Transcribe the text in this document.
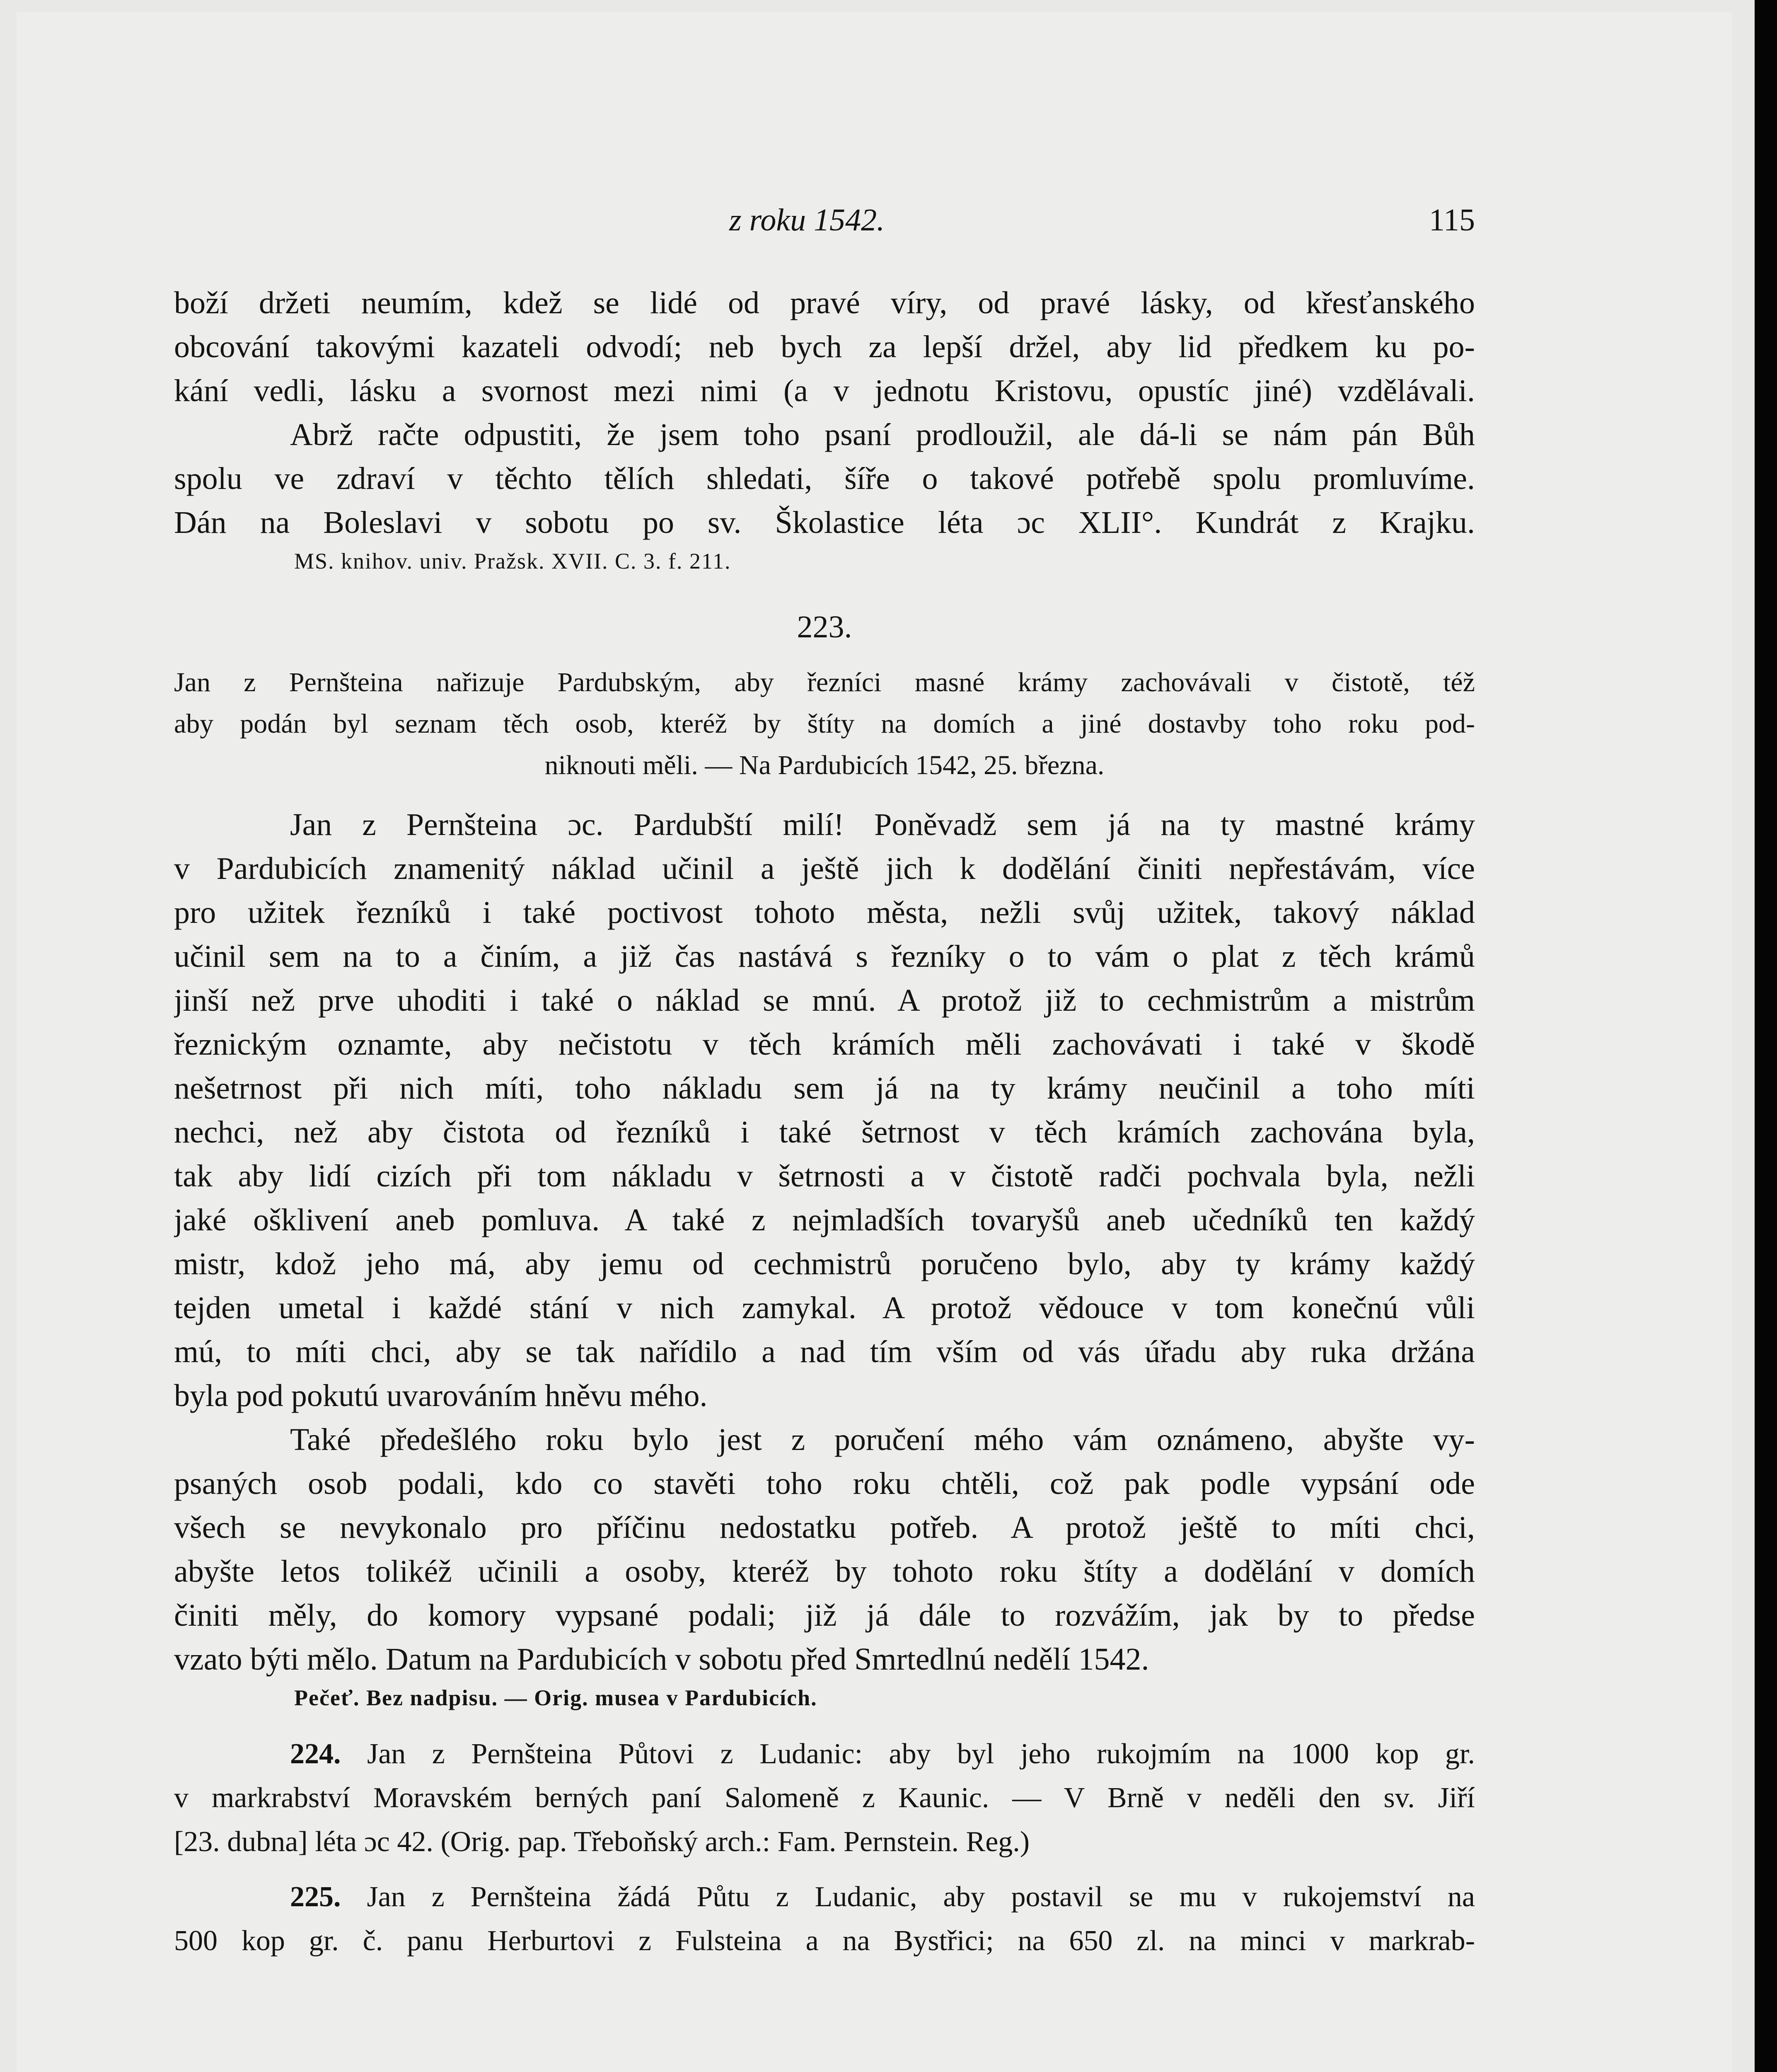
z roku 1542.	115
boží držeti neumím, kdež se lidé od pravé víry, od pravé lásky, od křesťanského
obcování takovými kazateli odvodí; neb bych za lepší držel, aby lid předkem ku po-
kání vedli, lásku a svornost mezi nimi (a v jednotu Kristovu, opustíc jiné) vzdělávali.
Abrž račte odpustiti, že jsem toho psaní prodloužil, ale dá-li se nám pán Bůh
spolu ve zdraví v těchto tělích shledati, šíře o takové potřebě spolu promluvíme.
Dán na Boleslavi v sobotu po sv. Školastice léta ɔc XLII°. Kundrát z Krajku.
MS. knihov. univ. Pražsk. XVII. C. 3. f. 211.
223.
Jan z Pernšteina nařizuje Pardubským, aby řezníci masné krámy zachovávali v čistotě, též
aby podán byl seznam těch osob, kteréž by štíty na domích a jiné dostavby toho roku pod-
niknouti měli. — Na Pardubicích 1542, 25. března.
Jan z Pernšteina ɔc. Pardubští milí! Poněvadž sem já na ty mastné krámy
v Pardubicích znamenitý náklad učinil a ještě jich k dodělání činiti nepřestávám, více
pro užitek řezníků i také poctivost tohoto města, nežli svůj užitek, takový náklad
učinil sem na to a činím, a již čas nastává s řezníky o to vám o plat z těch krámů
jinší než prve uhoditi i také o náklad se mnú. A protož již to cechmistrům a mistrům
řeznickým oznamte, aby nečistotu v těch krámích měli zachovávati i také v škodě
nešetrnost při nich míti, toho nákladu sem já na ty krámy neučinil a toho míti
nechci, než aby čistota od řezníků i také šetrnost v těch krámích zachována byla,
tak aby lidí cizích při tom nákladu v šetrnosti a v čistotě radči pochvala byla, nežli
jaké ošklivení aneb pomluva. A také z nejmladších tovaryšů aneb učedníků ten každý
mistr, kdož jeho má, aby jemu od cechmistrů poručeno bylo, aby ty krámy každý
tejden umetal i každé stání v nich zamykal. A protož vědouce v tom konečnú vůli
mú, to míti chci, aby se tak nařídilo a nad tím vším od vás úřadu aby ruka držána
byla pod pokutú uvarováním hněvu mého.
Také předešlého roku bylo jest z poručení mého vám oznámeno, abyšte vy-
psaných osob podali, kdo co stavěti toho roku chtěli, což pak podle vypsání ode
všech se nevykonalo pro příčinu nedostatku potřeb. A protož ještě to míti chci,
abyšte letos tolikéž učinili a osoby, kteréž by tohoto roku štíty a dodělání v domích
činiti měly, do komory vypsané podali; již já dále to rozvážím, jak by to předse
vzato býti mělo. Datum na Pardubicích v sobotu před Smrtedlnú nedělí 1542.
Pečeť. Bez nadpisu. — Orig. musea v Pardubicích.
224. Jan z Pernšteina Půtovi z Ludanic: aby byl jeho rukojmím na 1000 kop gr.
v markrabství Moravském berných paní Salomeně z Kaunic. — V Brně v neděli den sv. Jiří
[23. dubna] léta ɔc 42. (Orig. pap. Třeboňský arch.: Fam. Pernstein. Reg.)
225. Jan z Pernšteina žádá Půtu z Ludanic, aby postavil se mu v rukojemství na
500 kop gr. č. panu Herburtovi z Fulsteina a na Bystřici; na 650 zl. na minci v markrab-
